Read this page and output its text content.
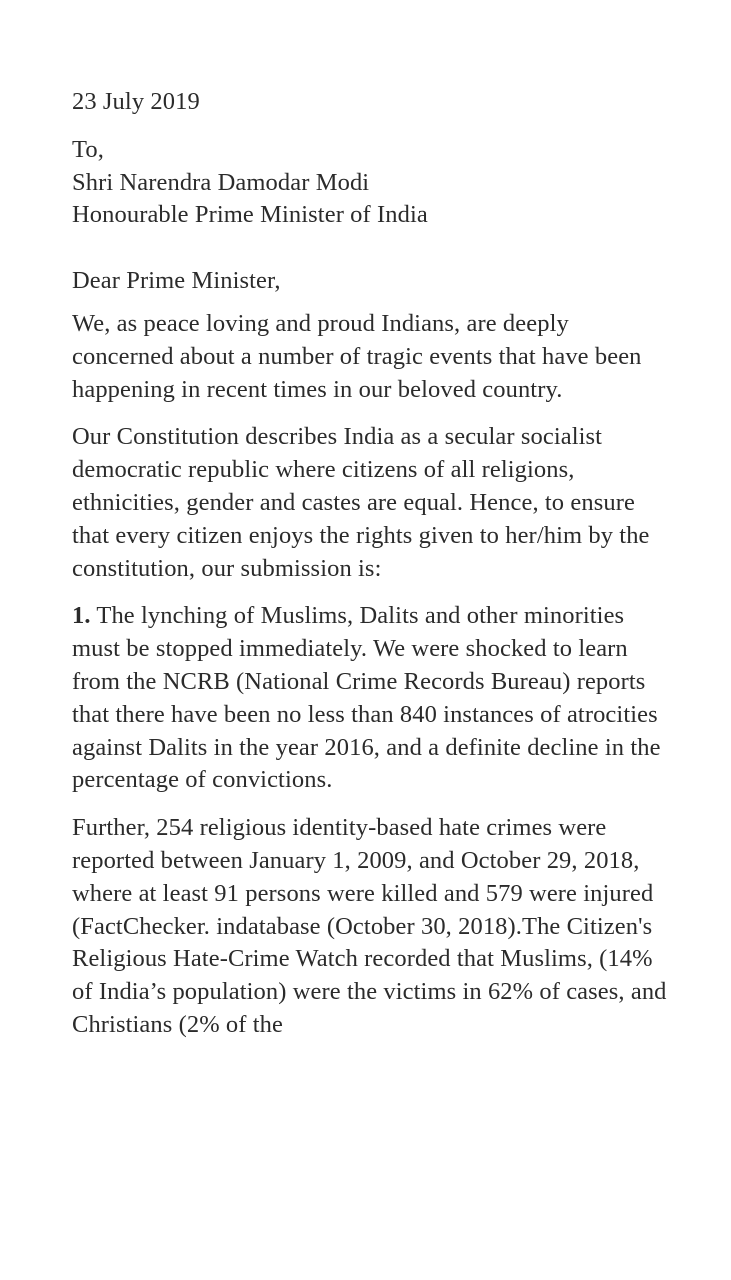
23 July 2019
To,
Shri Narendra Damodar Modi
Honourable Prime Minister of India
Dear Prime Minister,
We, as peace loving and proud Indians, are deeply concerned about a number of tragic events that have been happening in recent times in our beloved country.
Our Constitution describes India as a secular socialist democratic republic where citizens of all religions, ethnicities, gender and castes are equal. Hence, to ensure that every citizen enjoys the rights given to her/him by the constitution, our submission is:
1. The lynching of Muslims, Dalits and other minorities must be stopped immediately. We were shocked to learn from the NCRB (National Crime Records Bureau) reports that there have been no less than 840 instances of atrocities against Dalits in the year 2016, and a definite decline in the percentage of convictions.
Further, 254 religious identity-based hate crimes were reported between January 1, 2009, and October 29, 2018, where at least 91 persons were killed and 579 were injured (FactChecker. indatabase (October 30, 2018).The Citizen's Religious Hate-Crime Watch recorded that Muslims, (14% of India’s population) were the victims in 62% of cases, and Christians (2% of the
